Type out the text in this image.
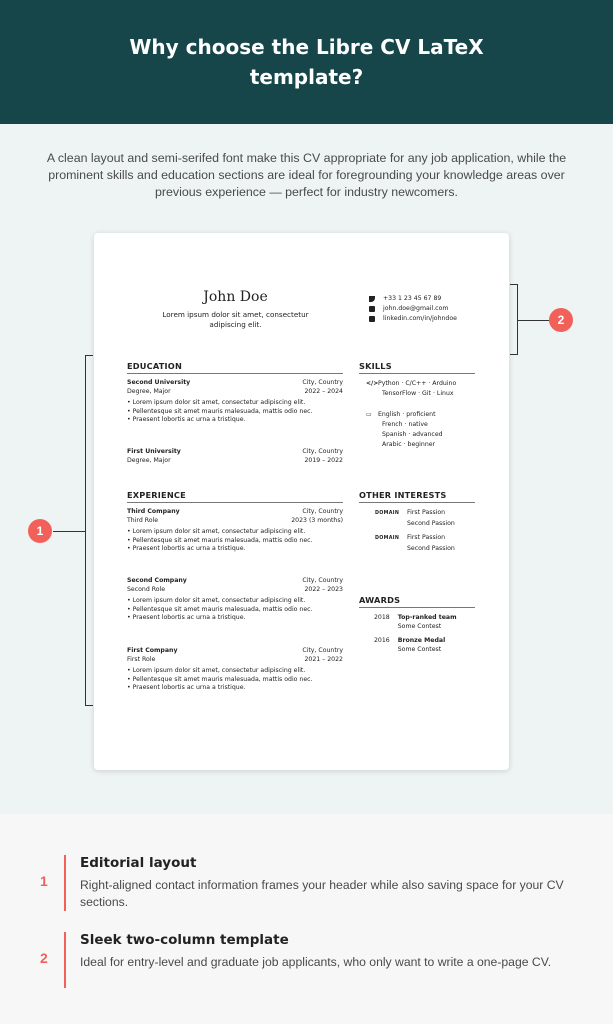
Why choose the Libre CV LaTeX template?

A clean layout and semi-serifed font make this CV appropriate for any job application, while the prominent skills and education sections are ideal for foregrounding your knowledge areas over previous experience — perfect for industry newcomers.

John Doe
Lorem ipsum dolor sit amet, consectetur adipiscing elit.
+33 1 23 45 67 89
john.doe@gmail.com
linkedin.com/in/johndoe
EDUCATION
Second University	City, Country
Degree, Major	2022 – 2024
• Lorem ipsum dolor sit amet, consectetur adipiscing elit.
• Pellentesque sit amet mauris malesuada, mattis odio nec.
• Praesent lobortis ac urna a tristique.
First University	City, Country
Degree, Major	2019 – 2022
EXPERIENCE
Third Company	City, Country
Third Role	2023 (3 months)
• Lorem ipsum dolor sit amet, consectetur adipiscing elit.
• Pellentesque sit amet mauris malesuada, mattis odio nec.
• Praesent lobortis ac urna a tristique.
Second Company	City, Country
Second Role	2022 – 2023
• Lorem ipsum dolor sit amet, consectetur adipiscing elit.
• Pellentesque sit amet mauris malesuada, mattis odio nec.
• Praesent lobortis ac urna a tristique.
First Company	City, Country
First Role	2021 – 2022
• Lorem ipsum dolor sit amet, consectetur adipiscing elit.
• Pellentesque sit amet mauris malesuada, mattis odio nec.
• Praesent lobortis ac urna a tristique.
SKILLS
</> Python · C/C++ · Arduino
TensorFlow · Git · Linux
▭ English · proficient
French · native
Spanish · advanced
Arabic · beginner
OTHER INTERESTS
DOMAIN First Passion
Second Passion
DOMAIN First Passion
Second Passion
AWARDS
2018 Top-ranked team
Some Contest
2016 Bronze Medal
Some Contest
1
2
1
Editorial layout

Right-aligned contact information frames your header while also saving space for your CV sections.

2
Sleek two-column template

Ideal for entry-level and graduate job applicants, who only want to write a one-page CV.
